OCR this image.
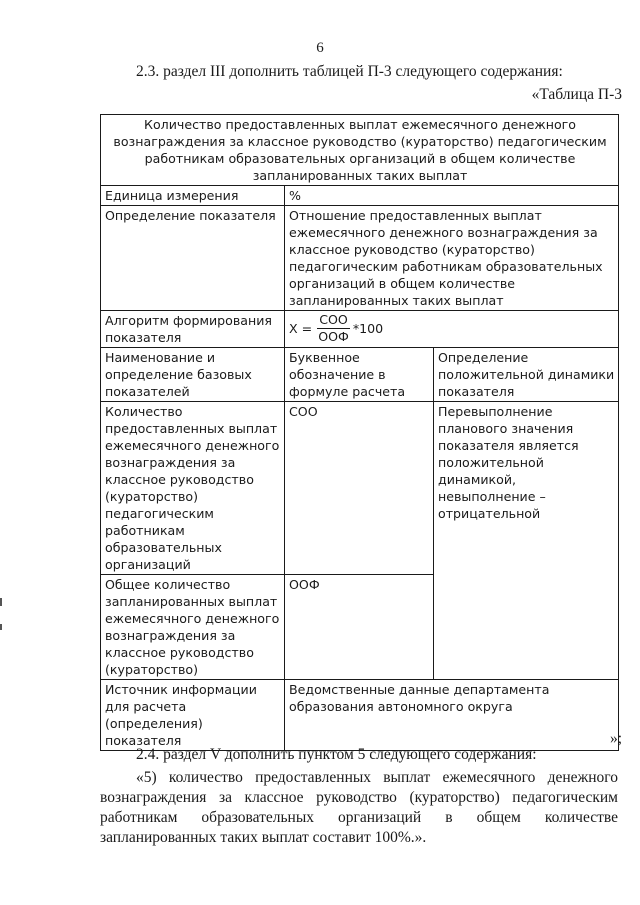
6
2.3. раздел III дополнить таблицей П-3 следующего содержания:
«Таблица П-3
Количество предоставленных выплат ежемесячного денежного вознаграждения за классное руководство (кураторство) педагогическим работникам образовательных организаций в общем количестве запланированных таких выплат		
Единица измерения	%	
Определение показателя	Отношение предоставленных выплат ежемесячного денежного вознаграждения за классное руководство (кураторство) педагогическим работникам образовательных организаций в общем количестве запланированных таких выплат	
Алгоритм формирования показателя	$X = \frac{\text{СОО}}{\text{ООФ}} *100$	

Наименование и определение базовых показателей	Буквенное обозначение в формуле расчета	Определение положительной динамики показателя
Количество предоставленных выплат ежемесячного денежного вознаграждения за классное руководство (кураторство) педагогическим работникам образовательных организаций	СОО	Перевыполнение планового значения показателя является положительной динамикой, невыполнение – отрицательной
Общее количество запланированных выплат ежемесячного денежного вознаграждения за классное руководство (кураторство)	ООФ	
Источник информации для расчета (определения) показателя	Ведомственные данные департамента образования автономного округа	
»;
2.4. раздел V дополнить пунктом 5 следующего содержания:
«5) количество предоставленных выплат ежемесячного денежного
вознаграждения за классное руководство (кураторство) педагогическим
работникам образовательных организаций в общем количестве
запланированных таких выплат составит 100%.».
